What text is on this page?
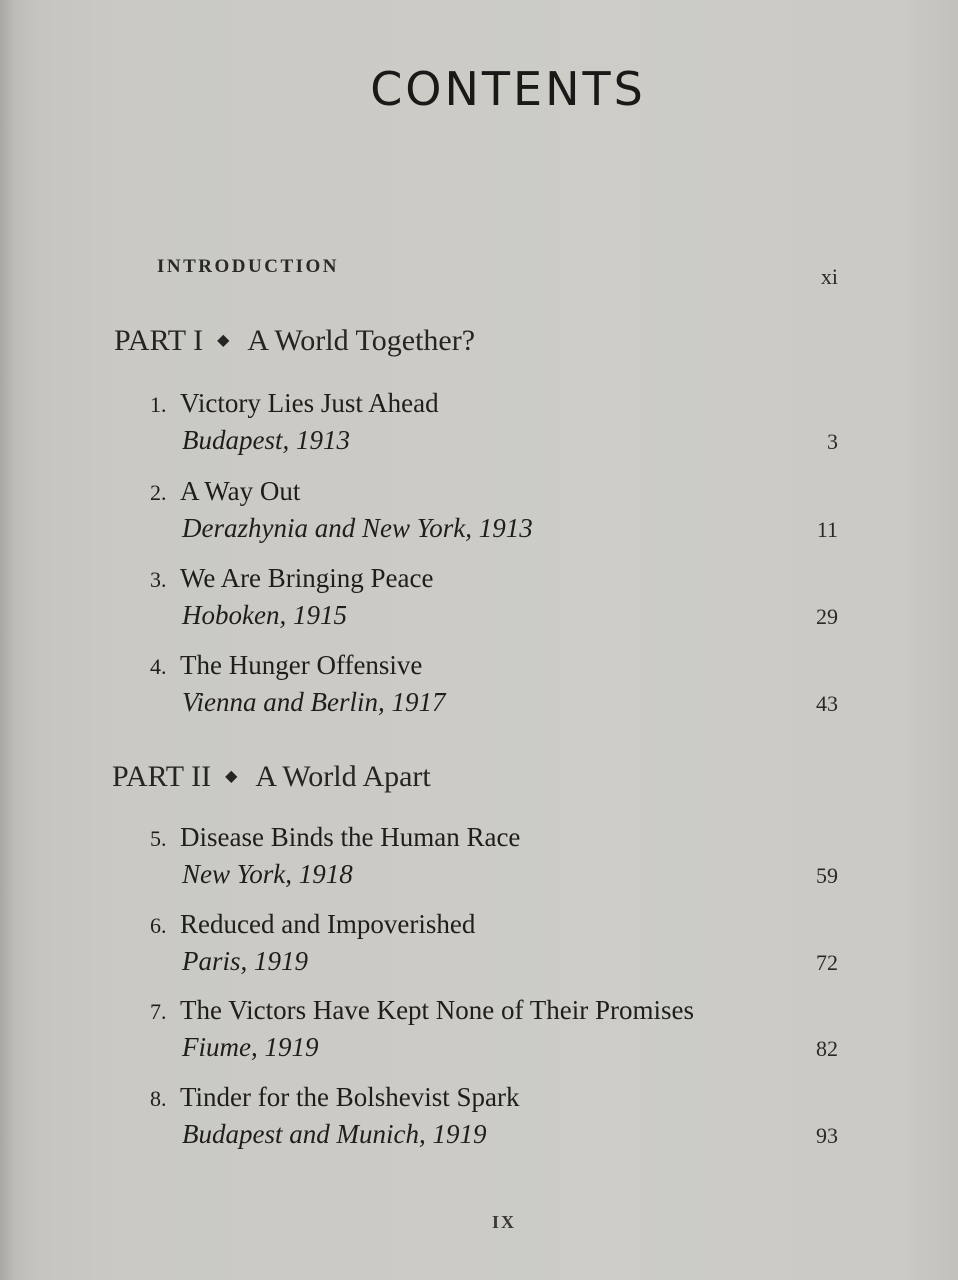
CONTENTS
INTRODUCTION	xi
PART I ◆ A World Together?
1. Victory Lies Just Ahead
Budapest, 1913	3
2. A Way Out
Derazhynia and New York, 1913	11
3. We Are Bringing Peace
Hoboken, 1915	29
4. The Hunger Offensive
Vienna and Berlin, 1917	43
PART II ◆ A World Apart
5. Disease Binds the Human Race
New York, 1918	59
6. Reduced and Impoverished
Paris, 1919	72
7. The Victors Have Kept None of Their Promises
Fiume, 1919	82
8. Tinder for the Bolshevist Spark
Budapest and Munich, 1919	93
IX
